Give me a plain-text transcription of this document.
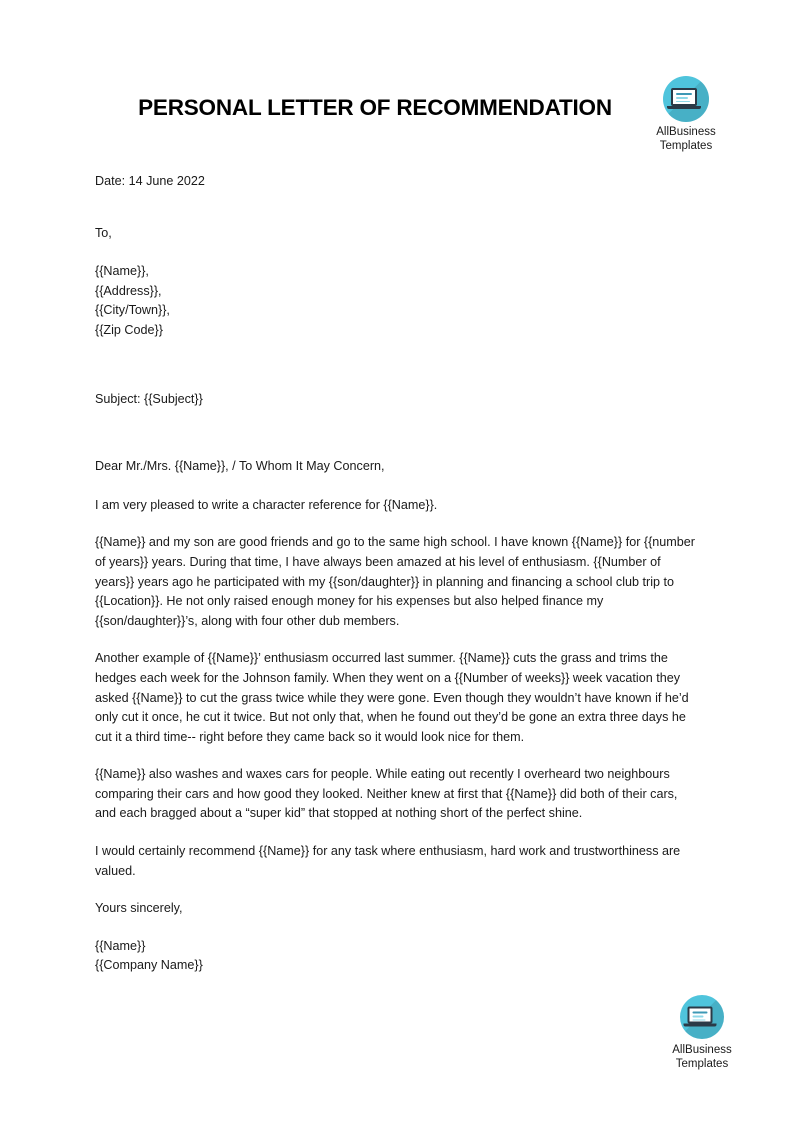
PERSONAL LETTER OF RECOMMENDATION
AllBusiness
Templates

Date: 14 June 2022

To,

{{Name}},

{{Address}},

{{City/Town}},

{{Zip Code}}

Subject: {{Subject}}

Dear Mr./Mrs. {{Name}}, / To Whom It May Concern,

I am very pleased to write a character reference for {{Name}}.

{{Name}} and my son are good friends and go to the same high school. I have known {{Name}} for {{number of years}} years. During that time, I have always been amazed at his level of enthusiasm. {{Number of years}} years ago he participated with my {{son/daughter}} in planning and financing a school club trip to {{Location}}. He not only raised enough money for his expenses but also helped finance my {{son/daughter}}’s, along with four other dub members.

Another example of {{Name}}’ enthusiasm occurred last summer. {{Name}} cuts the grass and trims the hedges each week for the Johnson family. When they went on a {{Number of weeks}} week vacation they asked {{Name}} to cut the grass twice while they were gone. Even though they wouldn’t have known if he’d only cut it once, he cut it twice. But not only that, when he found out they’d be gone an extra three days he cut it a third time-- right before they came back so it would look nice for them.

{{Name}} also washes and waxes cars for people. While eating out recently I overheard two neighbours comparing their cars and how good they looked. Neither knew at first that {{Name}} did both of their cars, and each bragged about a “super kid” that stopped at nothing short of the perfect shine.

I would certainly recommend {{Name}} for any task where enthusiasm, hard work and trustworthiness are valued.

Yours sincerely,

{{Name}}

{{Company Name}}

AllBusiness
Templates
